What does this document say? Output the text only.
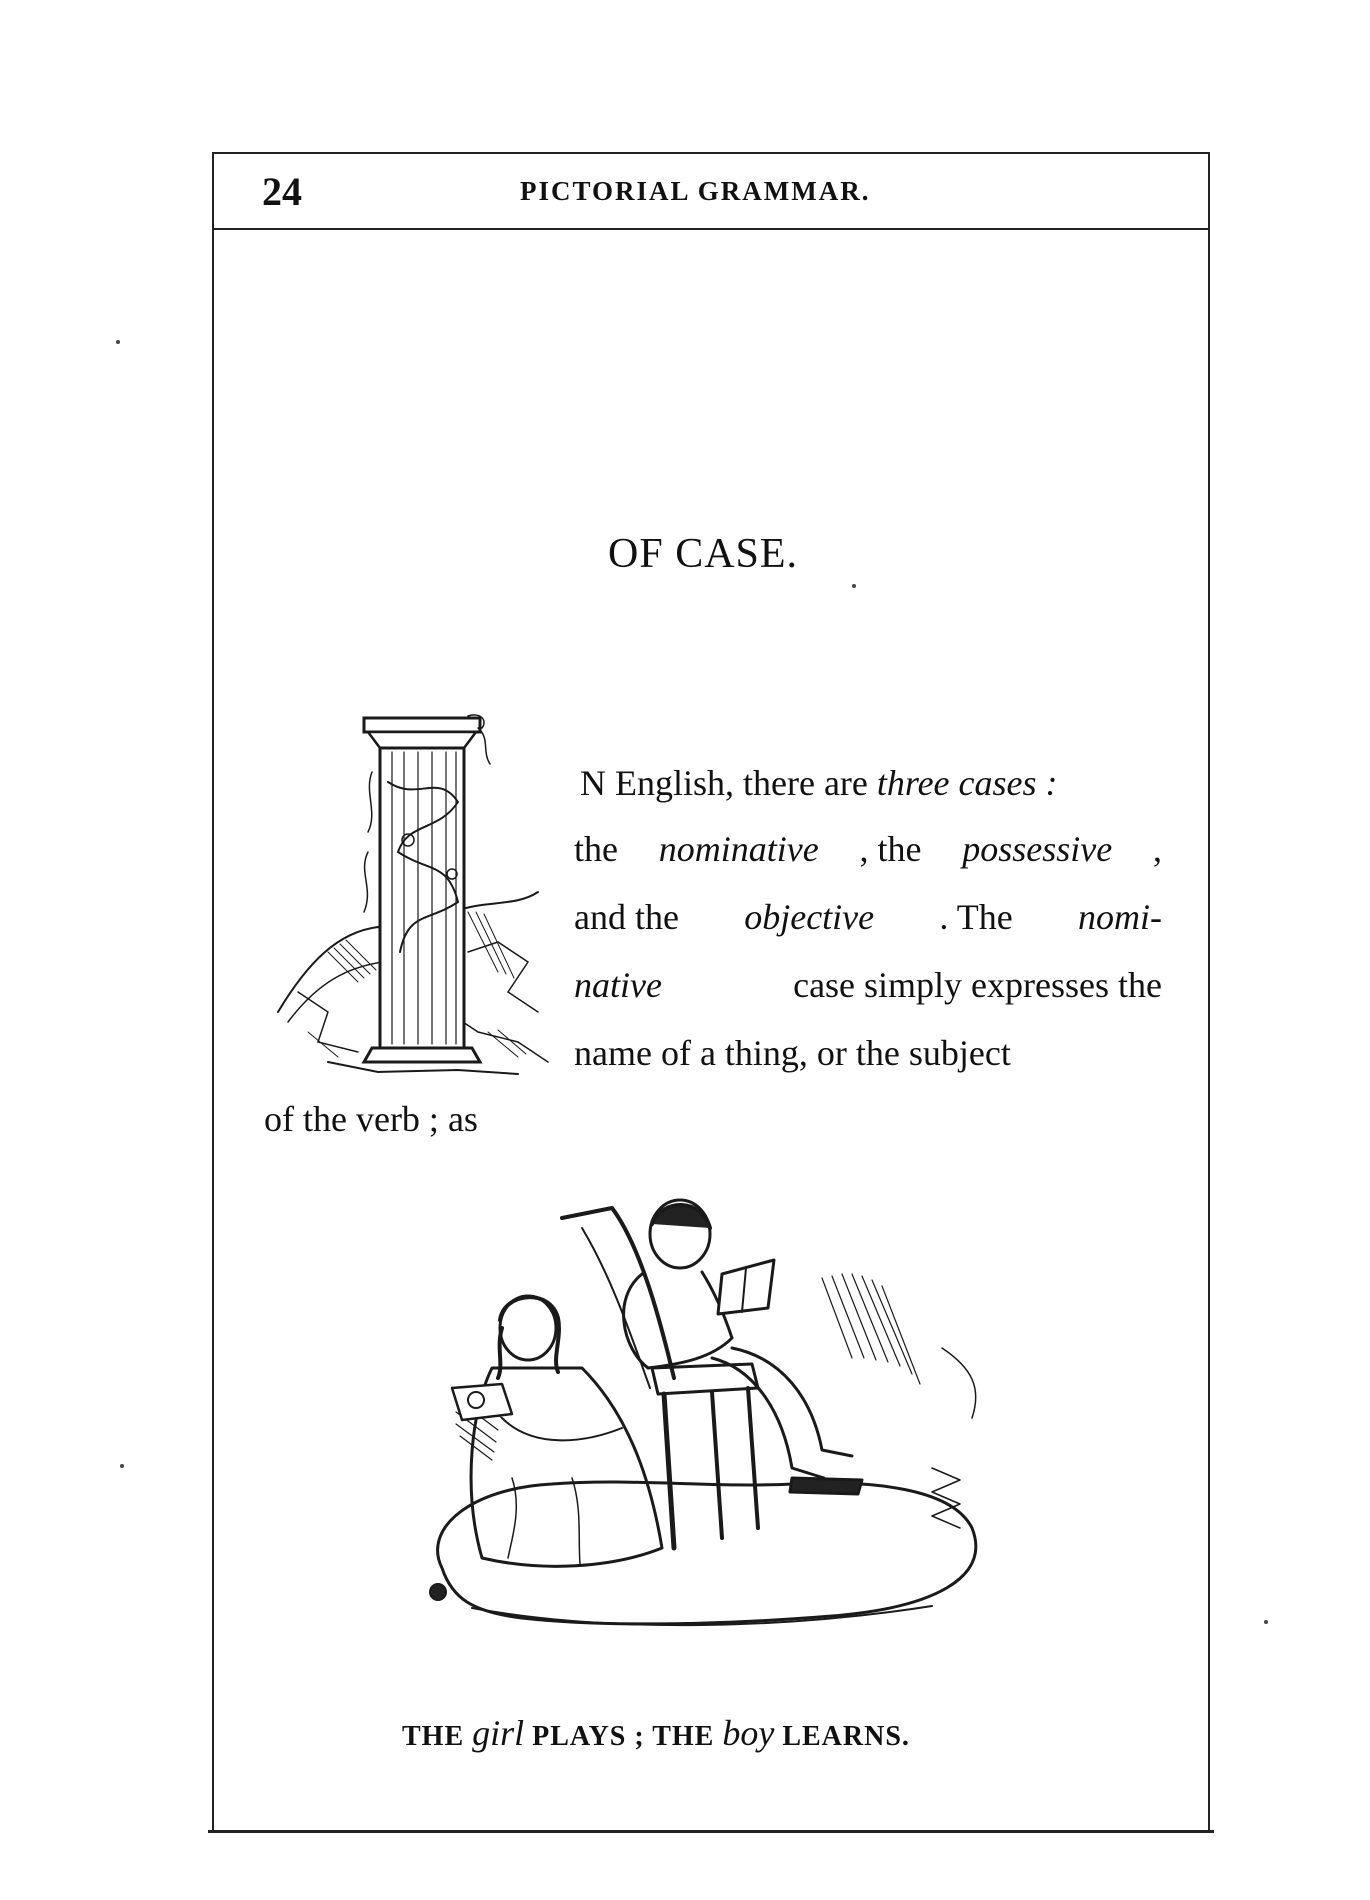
24	PICTORIAL GRAMMAR.
OF CASE.
N English, there are three cases :
the nominative , the possessive ,
and the objective . The nomi-
native	case simply expresses the
name of a thing, or the subject
of the verb ; as
THE girl PLAYS ; THE boy LEARNS.
